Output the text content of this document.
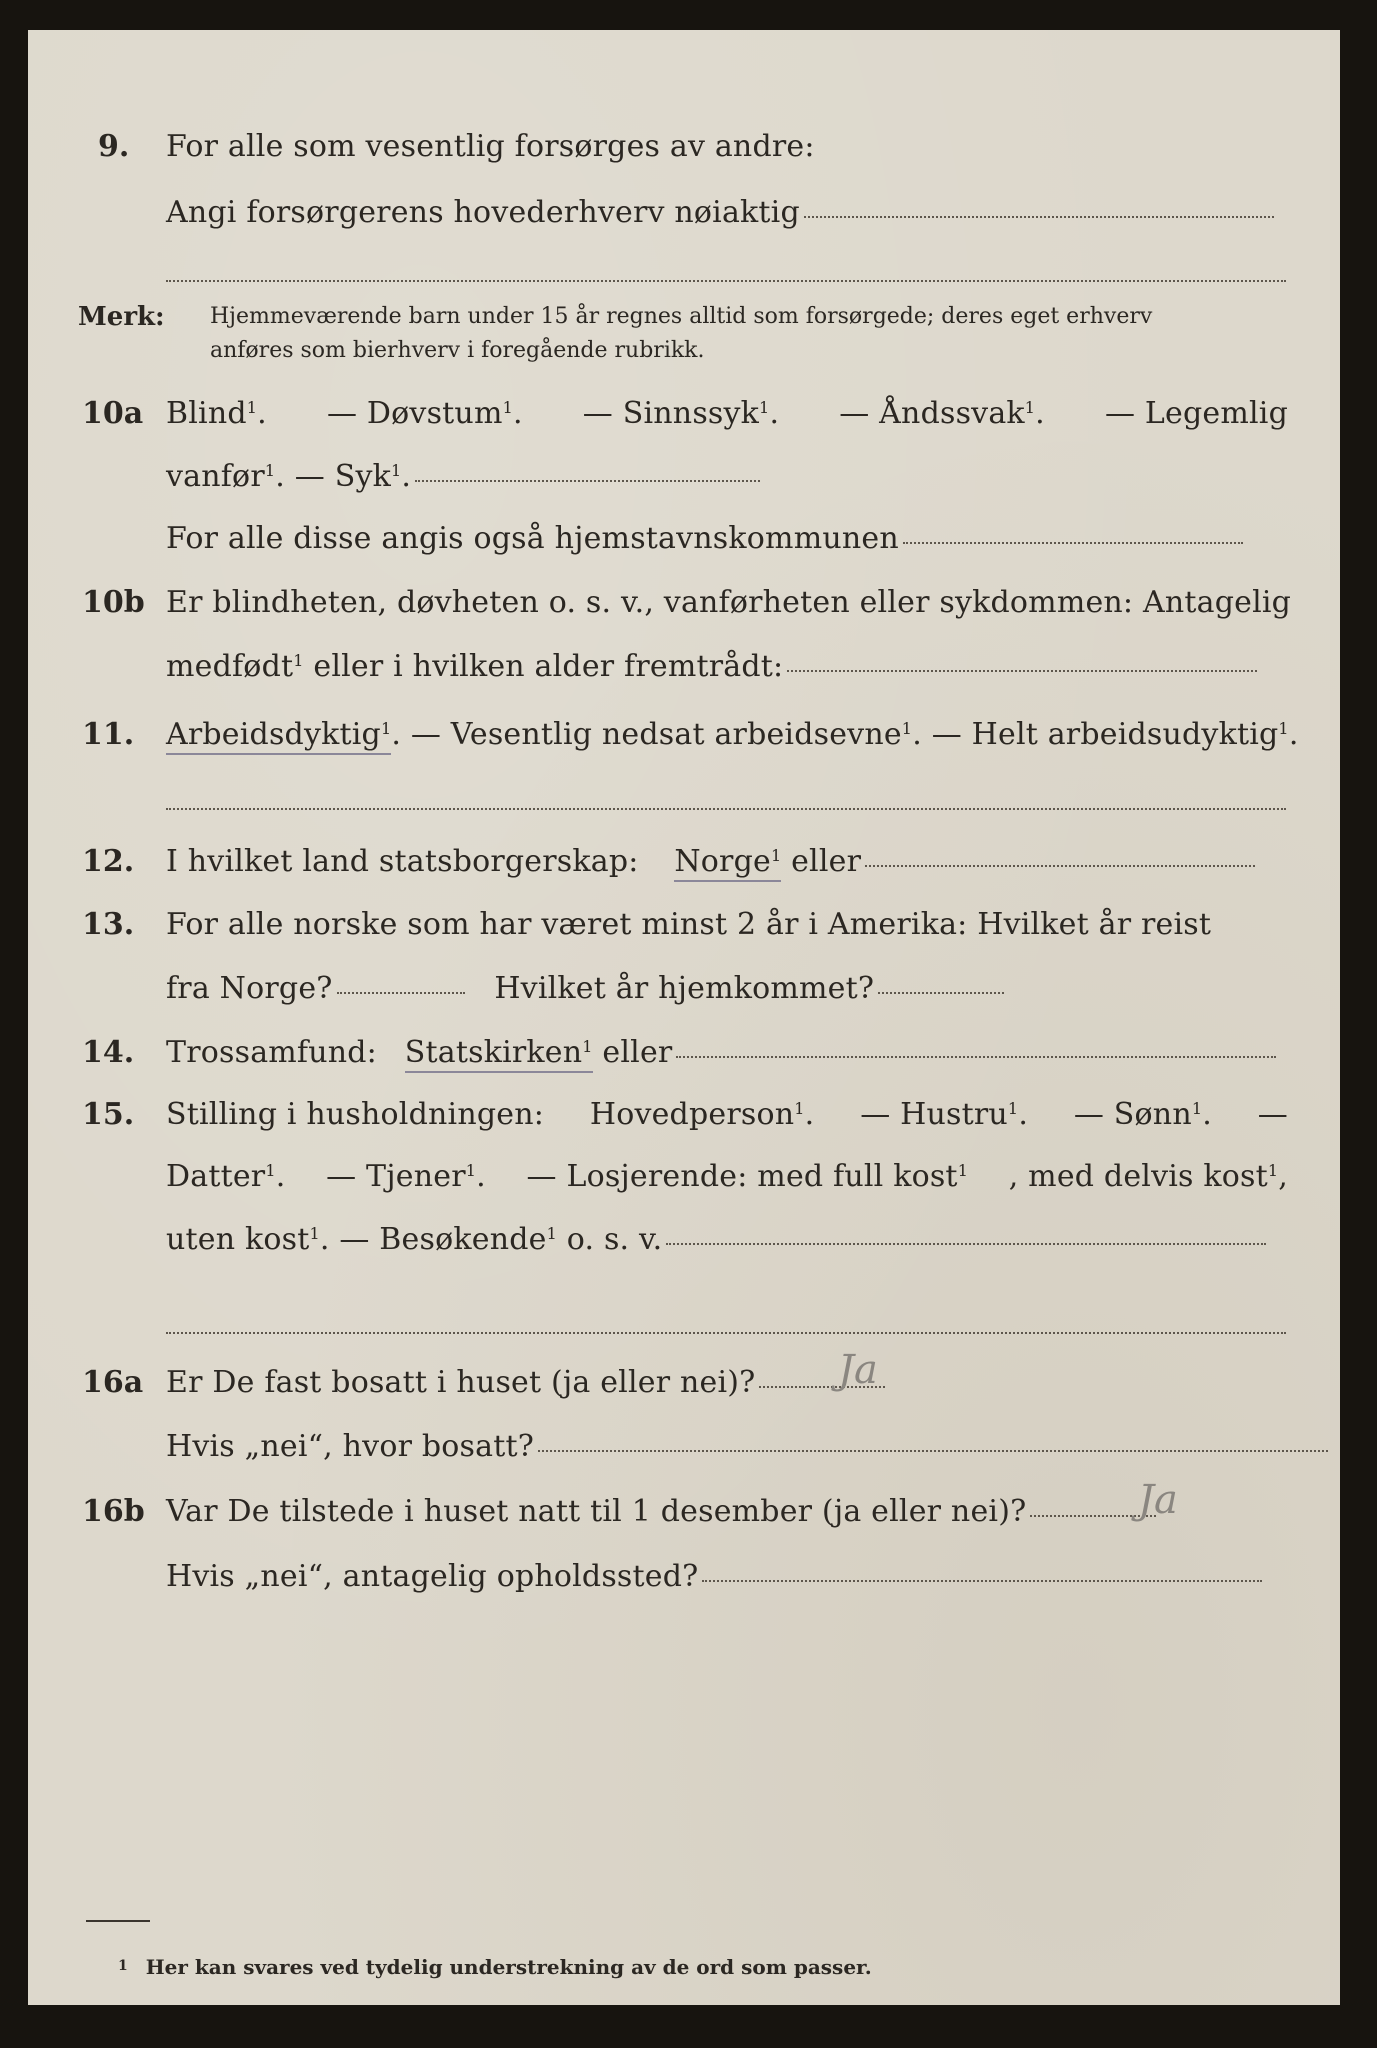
9. For alle som vesentlig forsørges av andre:
Angi forsørgerens hovederhverv nøiaktig
Merk: Hjemmeværende barn under 15 år regnes alltid som forsørgede; deres eget erhverv
anføres som bierhverv i foregående rubrikk.
10a Blind$^1$. — Døvstum$^1$. — Sinnssyk$^1$. — Åndssvak$^1$. — Legemlig
vanfør$^1$. — Syk$^1$.
For alle disse angis også hjemstavnskommunen
10b Er blindheten, døvheten o. s. v., vanførheten eller sykdommen: Antagelig
medfødt$^1$ eller i hvilken alder fremtrådt:
11. Arbeidsdyktig$^1$. — Vesentlig nedsat arbeidsevne$^1$. — Helt arbeidsudyktig$^1$.
12. I hvilket land statsborgerskap: Norge$^1$ eller
13. For alle norske som har været minst 2 år i Amerika: Hvilket år reist
fra Norge?	Hvilket år hjemkommet?
14. Trossamfund: Statskirken$^1$ eller
15. Stilling i husholdningen: Hovedperson$^1$. — Hustru$^1$. — Sønn$^1$. —
Datter$^1$. — Tjener$^1$. — Losjerende: med full kost$^1$ , med delvis kost$^1$,
uten kost$^1$. — Besøkende$^1$ o. s. v.
16a Er De fast bosatt i huset (ja eller nei)?	Ja
Hvis „nei“, hvor bosatt?
16b Var De tilstede i huset natt til 1 desember (ja eller nei)?	Ja
Hvis „nei“, antagelig opholdssted?
$^1$ Her kan svares ved tydelig understrekning av de ord som passer.
